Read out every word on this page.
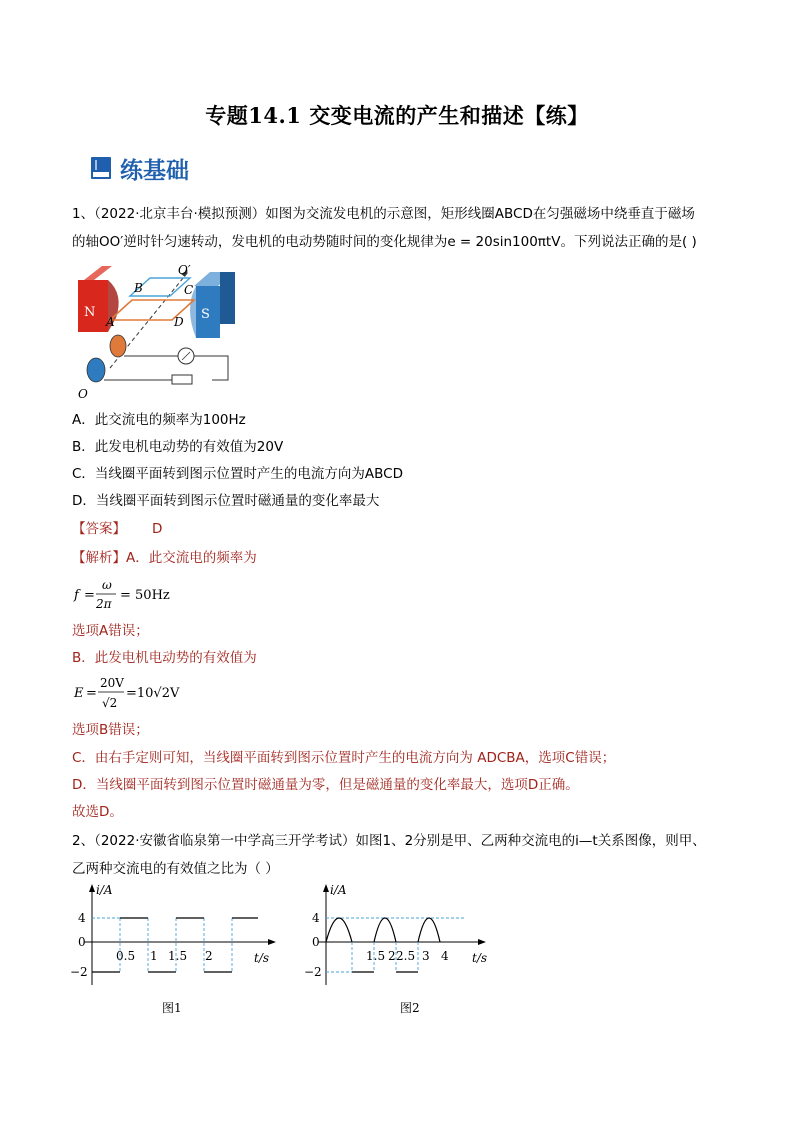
专题14.1 交变电流的产生和描述【练】
练基础
1、（2022·北京丰台·模拟预测）如图为交流发电机的示意图，矩形线圈ABCD在匀强磁场中绕垂直于磁场
的轴OO′逆时针匀速转动，发电机的电动势随时间的变化规律为e = 20sin100πtV。下列说法正确的是( )
N	S
O′
B	C
A	D
O
A．此交流电的频率为100Hz
B．此发电机电动势的有效值为20V
C．当线圈平面转到图示位置时产生的电流方向为ABCD
D．当线圈平面转到图示位置时磁通量的变化率最大
【答案】 D
【解析】A．此交流电的频率为
f =
ω
2π
= 50Hz
选项A错误；
B．此发电机电动势的有效值为
E =
20V
√2
=10√2V
选项B错误；
C．由右手定则可知，当线圈平面转到图示位置时产生的电流方向为 ADCBA，选项C错误；
D．当线圈平面转到图示位置时磁通量为零，但是磁通量的变化率最大，选项D正确。
故选D。
2、（2022·安徽省临泉第一中学高三开学考试）如图1、2分别是甲、乙两种交流电的i—t关系图像，则甲、
乙两种交流电的有效值之比为（ ）
i/A
t/s
4
0
−2
0.5 1 1.5 2
图1
i/A
t/s
4
0
−2
1.5 2 2.5 3 4
图2
